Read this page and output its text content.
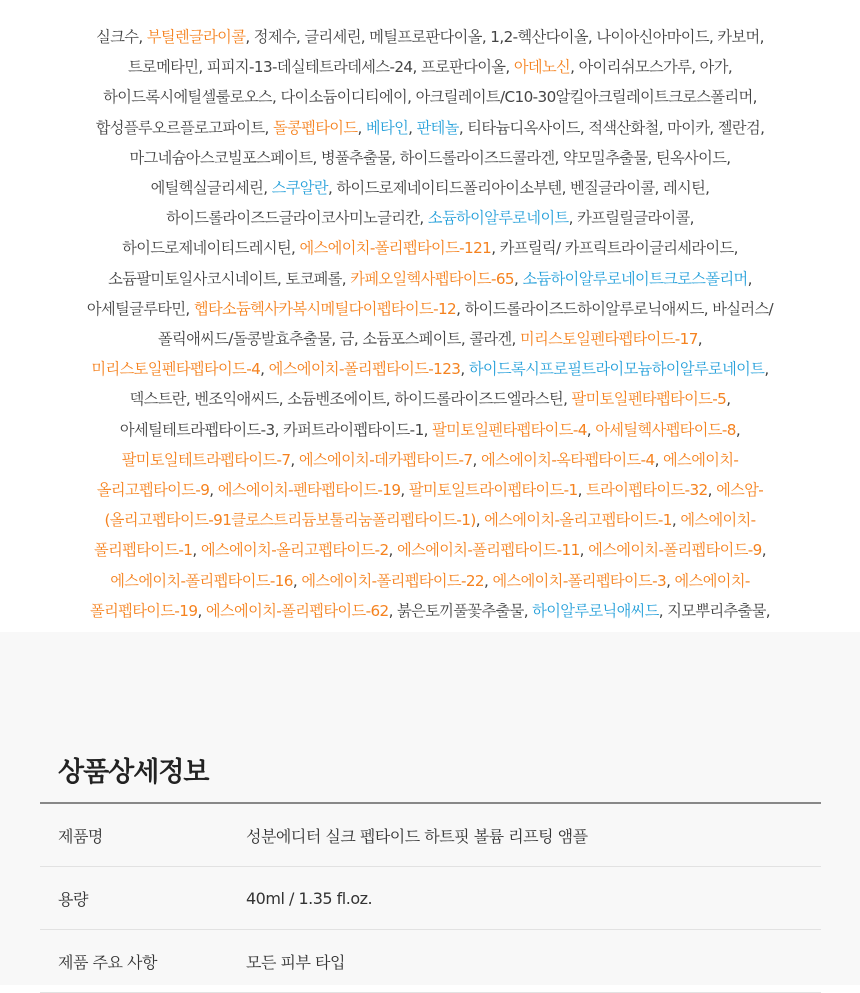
실크수, 부틸렌글라이콜, 정제수, 글리세린, 메틸프로판다이올, 1,2-헥산다이올, 나이아신아마이드, 카보머, 트로메타민, 피피지-13-데실테트라데세스-24, 프로판다이올, 아데노신, 아이리쉬모스가루, 아가, 하이드록시에틸셀룰로오스, 다이소듐이디티에이, 아크릴레이트/C10-30알킬아크릴레이트크로스폴리머, 합성플루오르플로고파이트, 돌콩펩타이드, 베타인, 판테놀, 티타늄디옥사이드, 적색산화철, 마이카, 젤란검, 마그네슘아스코빌포스페이트, 병풀추출물, 하이드롤라이즈드콜라겐, 약모밀추출물, 틴옥사이드, 에틸헥실글리세린, 스쿠알란, 하이드로제네이티드폴리아이소부텐, 벤질글라이콜, 레시틴, 하이드롤라이즈드글라이코사미노글리칸, 소듐하이알루로네이트, 카프릴릴글라이콜, 하이드로제네이티드레시틴, 에스에이치-폴리펩타이드-121, 카프릴릭/ 카프릭트라이글리세라이드, 소듐팔미토일사코시네이트, 토코페롤, 카페오일헥사펩타이드-65, 소듐하이알루로네이트크로스폴리머, 아세틸글루타민, 헵타소듐헥사카복시메틸다이펩타이드-12, 하이드롤라이즈드하이알루로닉애씨드, 바실러스/폴릭애씨드/돌콩발효추출물, 금, 소듐포스페이트, 콜라겐, 미리스토일펜타펩타이드-17, 미리스토일펜타펩타이드-4, 에스에이치-폴리펩타이드-123, 하이드록시프로필트라이모늄하이알루로네이트, 덱스트란, 벤조익애씨드, 소듐벤조에이트, 하이드롤라이즈드엘라스틴, 팔미토일펜타펩타이드-5, 아세틸테트라펩타이드-3, 카퍼트라이펩타이드-1, 팔미토일펜타펩타이드-4, 아세틸헥사펩타이드-8, 팔미토일테트라펩타이드-7, 에스에이치-데카펩타이드-7, 에스에이치-옥타펩타이드-4, 에스에이치-올리고펩타이드-9, 에스에이치-펜타펩타이드-19, 팔미토일트라이펩타이드-1, 트라이펩타이드-32, 에스암-(올리고펩타이드-91클로스트리듐보툴리눔폴리펩타이드-1), 에스에이치-올리고펩타이드-1, 에스에이치-폴리펩타이드-1, 에스에이치-올리고펩타이드-2, 에스에이치-폴리펩타이드-11, 에스에이치-폴리펩타이드-9, 에스에이치-폴리펩타이드-16, 에스에이치-폴리펩타이드-22, 에스에이치-폴리펩타이드-3, 에스에이치-폴리펩타이드-19, 에스에이치-폴리펩타이드-62, 붉은토끼풀꽃추출물, 하이알루로닉애씨드, 지모뿌리추출물,

상품상세정보
제품명	성분에디터 실크 펩타이드 하트핏 볼륨 리프팅 앰플
용량	40ml / 1.35 fl.oz.
제품 주요 사항	모든 피부 타입
